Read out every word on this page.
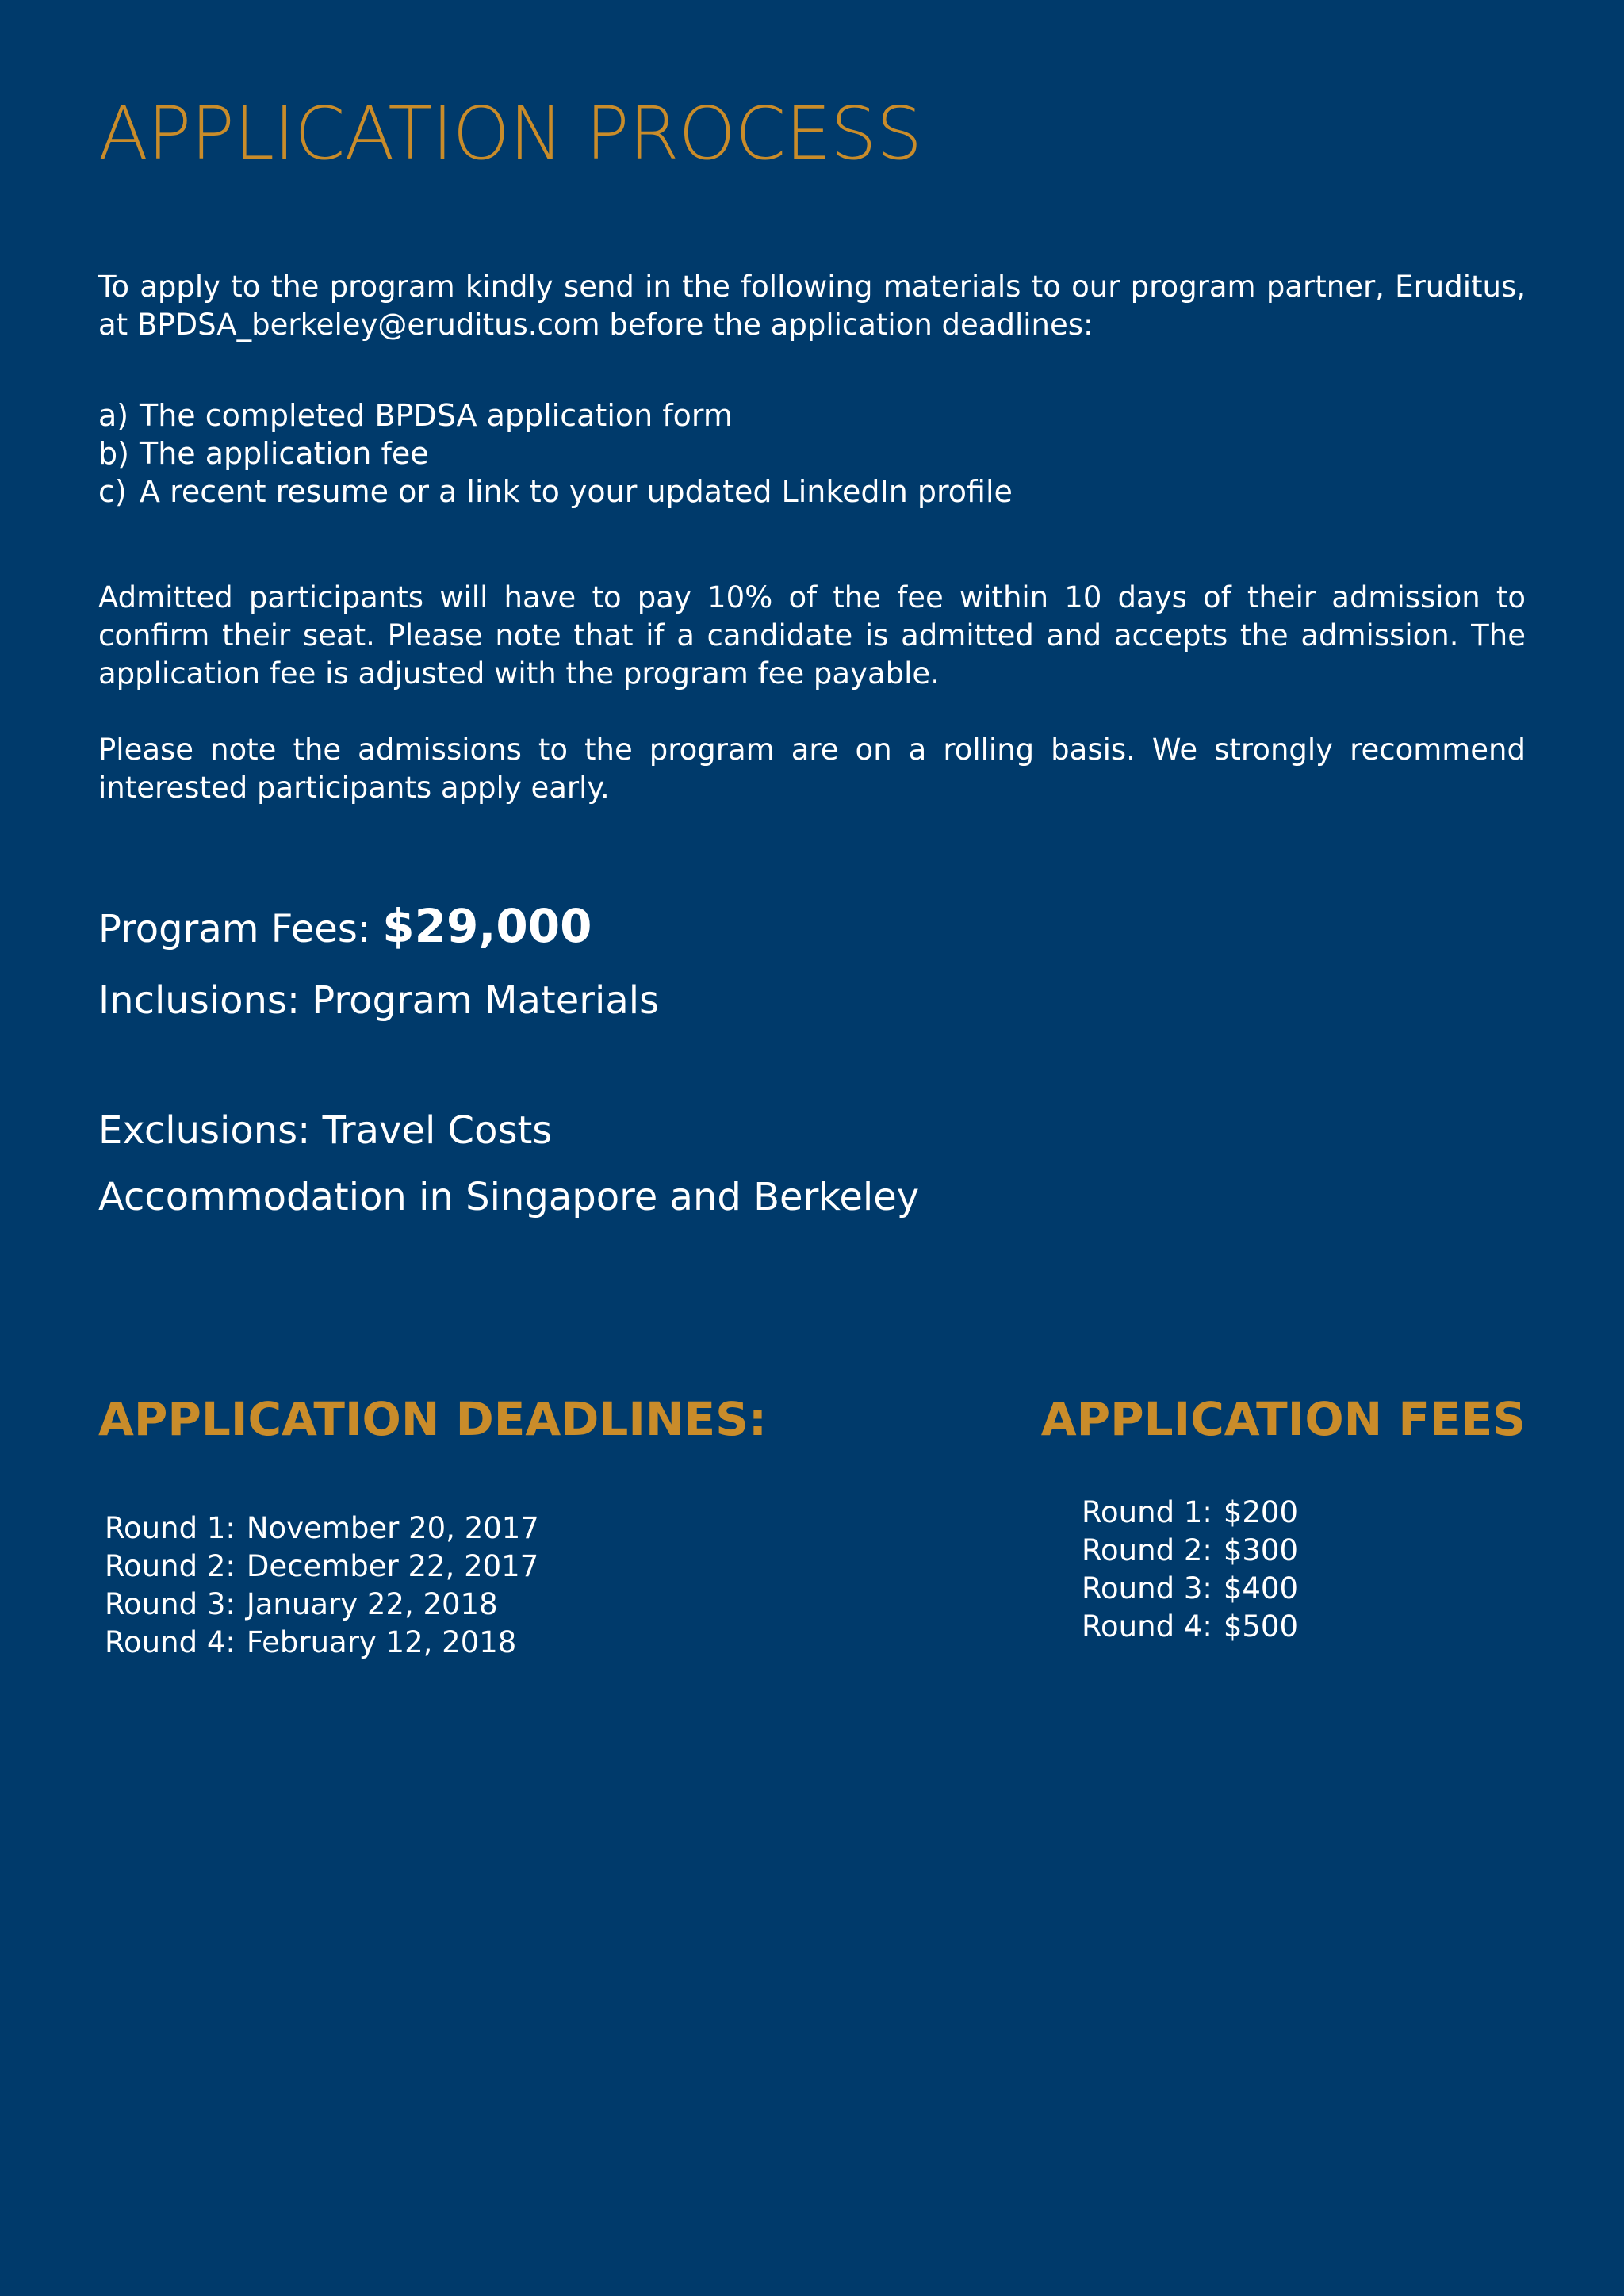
APPLICATION PROCESS

To apply to the program kindly send in the following materials to our program partner, Eruditus, at BPDSA_berkeley@eruditus.com before the application deadlines:

a) The completed BPDSA application form
b) The application fee
c) A recent resume or a link to your updated LinkedIn profile

Admitted participants will have to pay 10% of the fee within 10 days of their admission to confirm their seat. Please note that if a candidate is admitted and accepts the admission. The application fee is adjusted with the program fee payable.

Please note the admissions to the program are on a rolling basis. We strongly recommend interested participants apply early.

Program Fees: $29,000

Inclusions: Program Materials

Exclusions: Travel Costs

Accommodation in Singapore and Berkeley

APPLICATION DEADLINES:	APPLICATION FEES
Round 1: November 20, 2017
Round 2: December 22, 2017
Round 3: January 22, 2018
Round 4: February 12, 2018
Round 1: $200
Round 2: $300
Round 3: $400
Round 4: $500
